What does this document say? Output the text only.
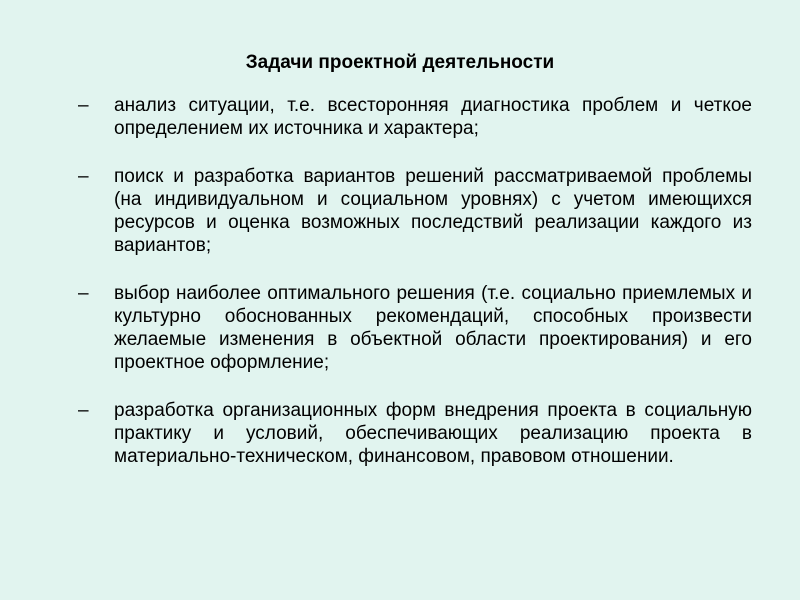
Задачи проектной деятельности
– анализ ситуации, т.е. всесторонняя диагностика проблем и четкое определением их источника и характера;
– поиск и разработка вариантов решений рассматриваемой проблемы (на индивидуальном и социальном уровнях) с учетом имеющихся ресурсов и оценка возможных последствий реализации каждого из вариантов;
– выбор наиболее оптимального решения (т.е. социально приемлемых и культурно обоснованных рекомендаций, способных произвести желаемые изменения в объектной области проектирования) и его проектное оформление;
– разработка организационных форм внедрения проекта в социальную практику и условий, обеспечивающих реализацию проекта в материально-техническом, финансовом, правовом отношении.
